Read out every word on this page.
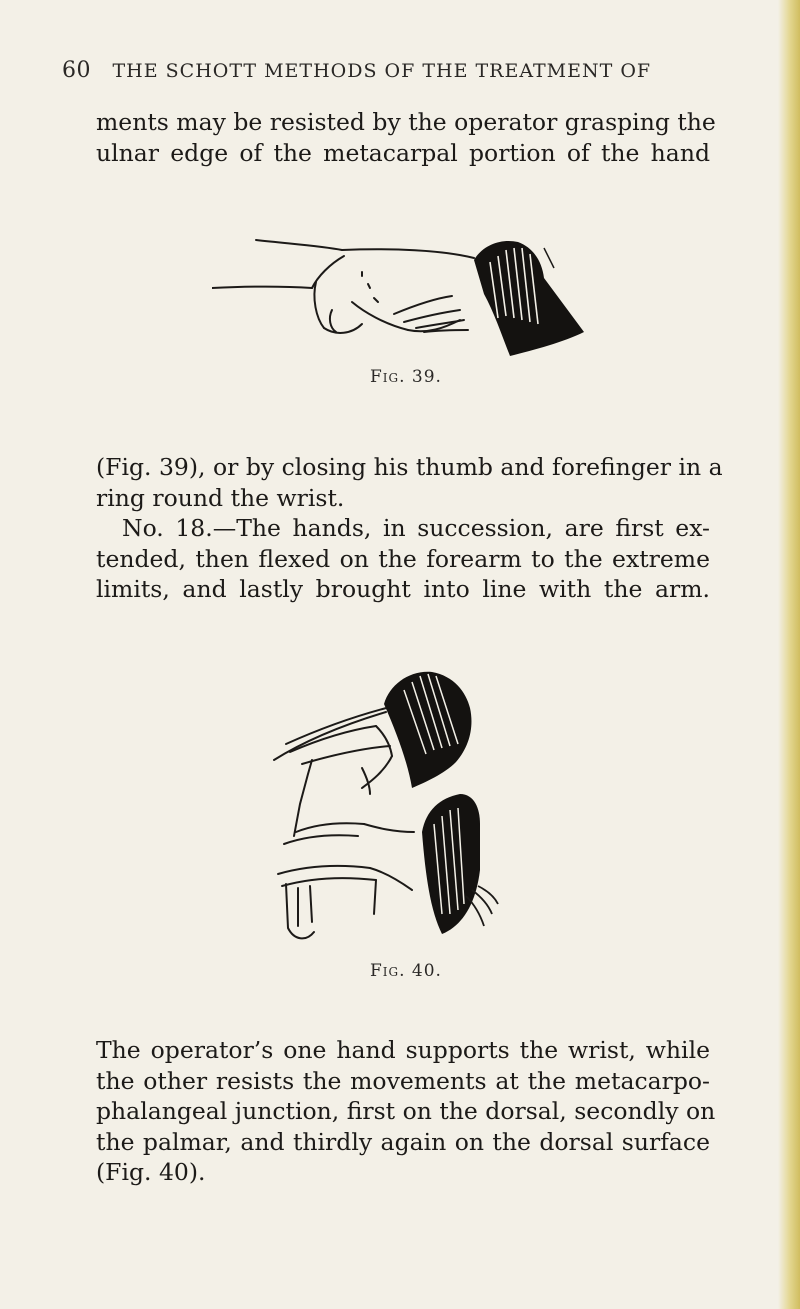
60 THE SCHOTT METHODS OF THE TREATMENT OF

ments may be resisted by the operator grasping the
ulnar edge of the metacarpal portion of the hand

Fig. 39.

(Fig. 39), or by closing his thumb and forefinger in a
ring round the wrist.

No. 18.—The hands, in succession, are first ex-
tended, then flexed on the forearm to the extreme
limits, and lastly brought into line with the arm.

Fig. 40.

The operator’s one hand supports the wrist, while
the other resists the movements at the metacarpo-
phalangeal junction, first on the dorsal, secondly on
the palmar, and thirdly again on the dorsal surface
(Fig. 40).
